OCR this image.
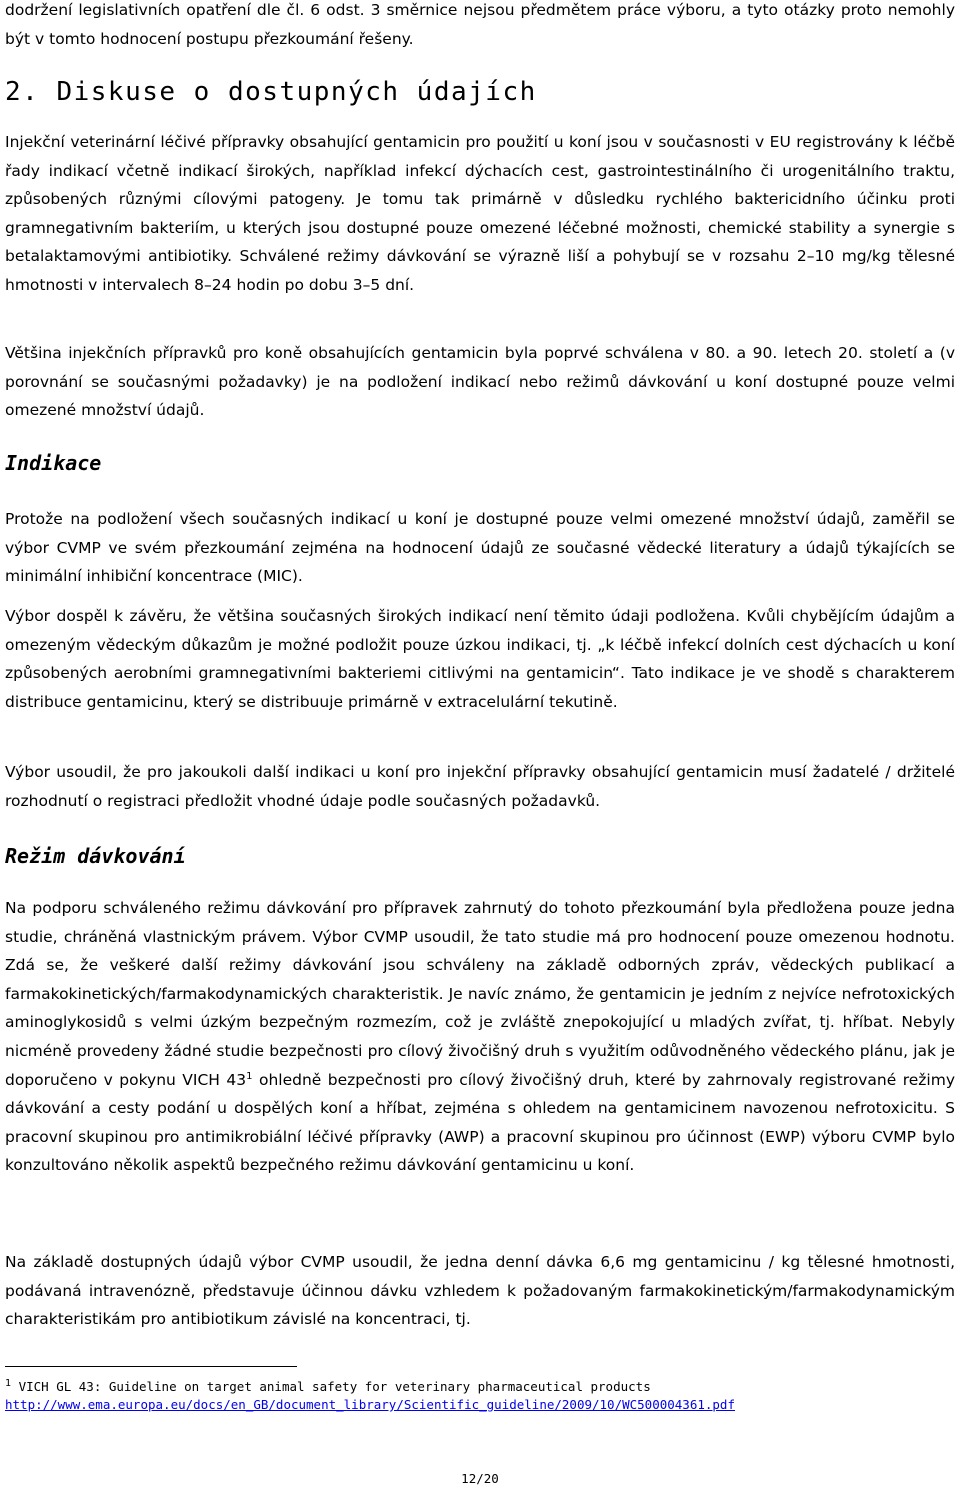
dodržení legislativních opatření dle čl. 6 odst. 3 směrnice nejsou předmětem práce výboru, a tyto otázky proto nemohly být v tomto hodnocení postupu přezkoumání řešeny.

2. Diskuse o dostupných údajích

Injekční veterinární léčivé přípravky obsahující gentamicin pro použití u koní jsou v současnosti v EU registrovány k léčbě řady indikací včetně indikací širokých, například infekcí dýchacích cest, gastrointestinálního či urogenitálního traktu, způsobených různými cílovými patogeny. Je tomu tak primárně v důsledku rychlého baktericidního účinku proti gramnegativním bakteriím, u kterých jsou dostupné pouze omezené léčebné možnosti, chemické stability a synergie s betalaktamovými antibiotiky. Schválené režimy dávkování se výrazně liší a pohybují se v rozsahu 2–10 mg/kg tělesné hmotnosti v intervalech 8–24 hodin po dobu 3–5 dní.

Většina injekčních přípravků pro koně obsahujících gentamicin byla poprvé schválena v 80. a 90. letech 20. století a (v porovnání se současnými požadavky) je na podložení indikací nebo režimů dávkování u koní dostupné pouze velmi omezené množství údajů.

Indikace

Protože na podložení všech současných indikací u koní je dostupné pouze velmi omezené množství údajů, zaměřil se výbor CVMP ve svém přezkoumání zejména na hodnocení údajů ze současné vědecké literatury a údajů týkajících se minimální inhibiční koncentrace (MIC).

Výbor dospěl k závěru, že většina současných širokých indikací není těmito údaji podložena. Kvůli chybějícím údajům a omezeným vědeckým důkazům je možné podložit pouze úzkou indikaci, tj. „k léčbě infekcí dolních cest dýchacích u koní způsobených aerobními gramnegativními bakteriemi citlivými na gentamicin“. Tato indikace je ve shodě s charakterem distribuce gentamicinu, který se distribuuje primárně v extracelulární tekutině.

Výbor usoudil, že pro jakoukoli další indikaci u koní pro injekční přípravky obsahující gentamicin musí žadatelé / držitelé rozhodnutí o registraci předložit vhodné údaje podle současných požadavků.

Režim dávkování

Na podporu schváleného režimu dávkování pro přípravek zahrnutý do tohoto přezkoumání byla předložena pouze jedna studie, chráněná vlastnickým právem. Výbor CVMP usoudil, že tato studie má pro hodnocení pouze omezenou hodnotu. Zdá se, že veškeré další režimy dávkování jsou schváleny na základě odborných zpráv, vědeckých publikací a farmakokinetických/farmakodynamických charakteristik. Je navíc známo, že gentamicin je jedním z nejvíce nefrotoxických aminoglykosidů s velmi úzkým bezpečným rozmezím, což je zvláště znepokojující u mladých zvířat, tj. hříbat. Nebyly nicméně provedeny žádné studie bezpečnosti pro cílový živočišný druh s využitím odůvodněného vědeckého plánu, jak je doporučeno v pokynu VICH $43^1$ ohledně bezpečnosti pro cílový živočišný druh, které by zahrnovaly registrované režimy dávkování a cesty podání u dospělých koní a hříbat, zejména s ohledem na gentamicinem navozenou nefrotoxicitu. S pracovní skupinou pro antimikrobiální léčivé přípravky (AWP) a pracovní skupinou pro účinnost (EWP) výboru CVMP bylo konzultováno několik aspektů bezpečného režimu dávkování gentamicinu u koní.

Na základě dostupných údajů výbor CVMP usoudil, že jedna denní dávka 6,6 mg gentamicinu / kg tělesné hmotnosti, podávaná intravenózně, představuje účinnou dávku vzhledem k požadovaným farmakokinetickým/farmakodynamickým charakteristikám pro antibiotikum závislé na koncentraci, tj.

$^1$ VICH GL 43: Guideline on target animal safety for veterinary pharmaceutical products

http://www.ema.europa.eu/docs/en_GB/document_library/Scientific_guideline/2009/10/WC500004361.pdf
12/20
